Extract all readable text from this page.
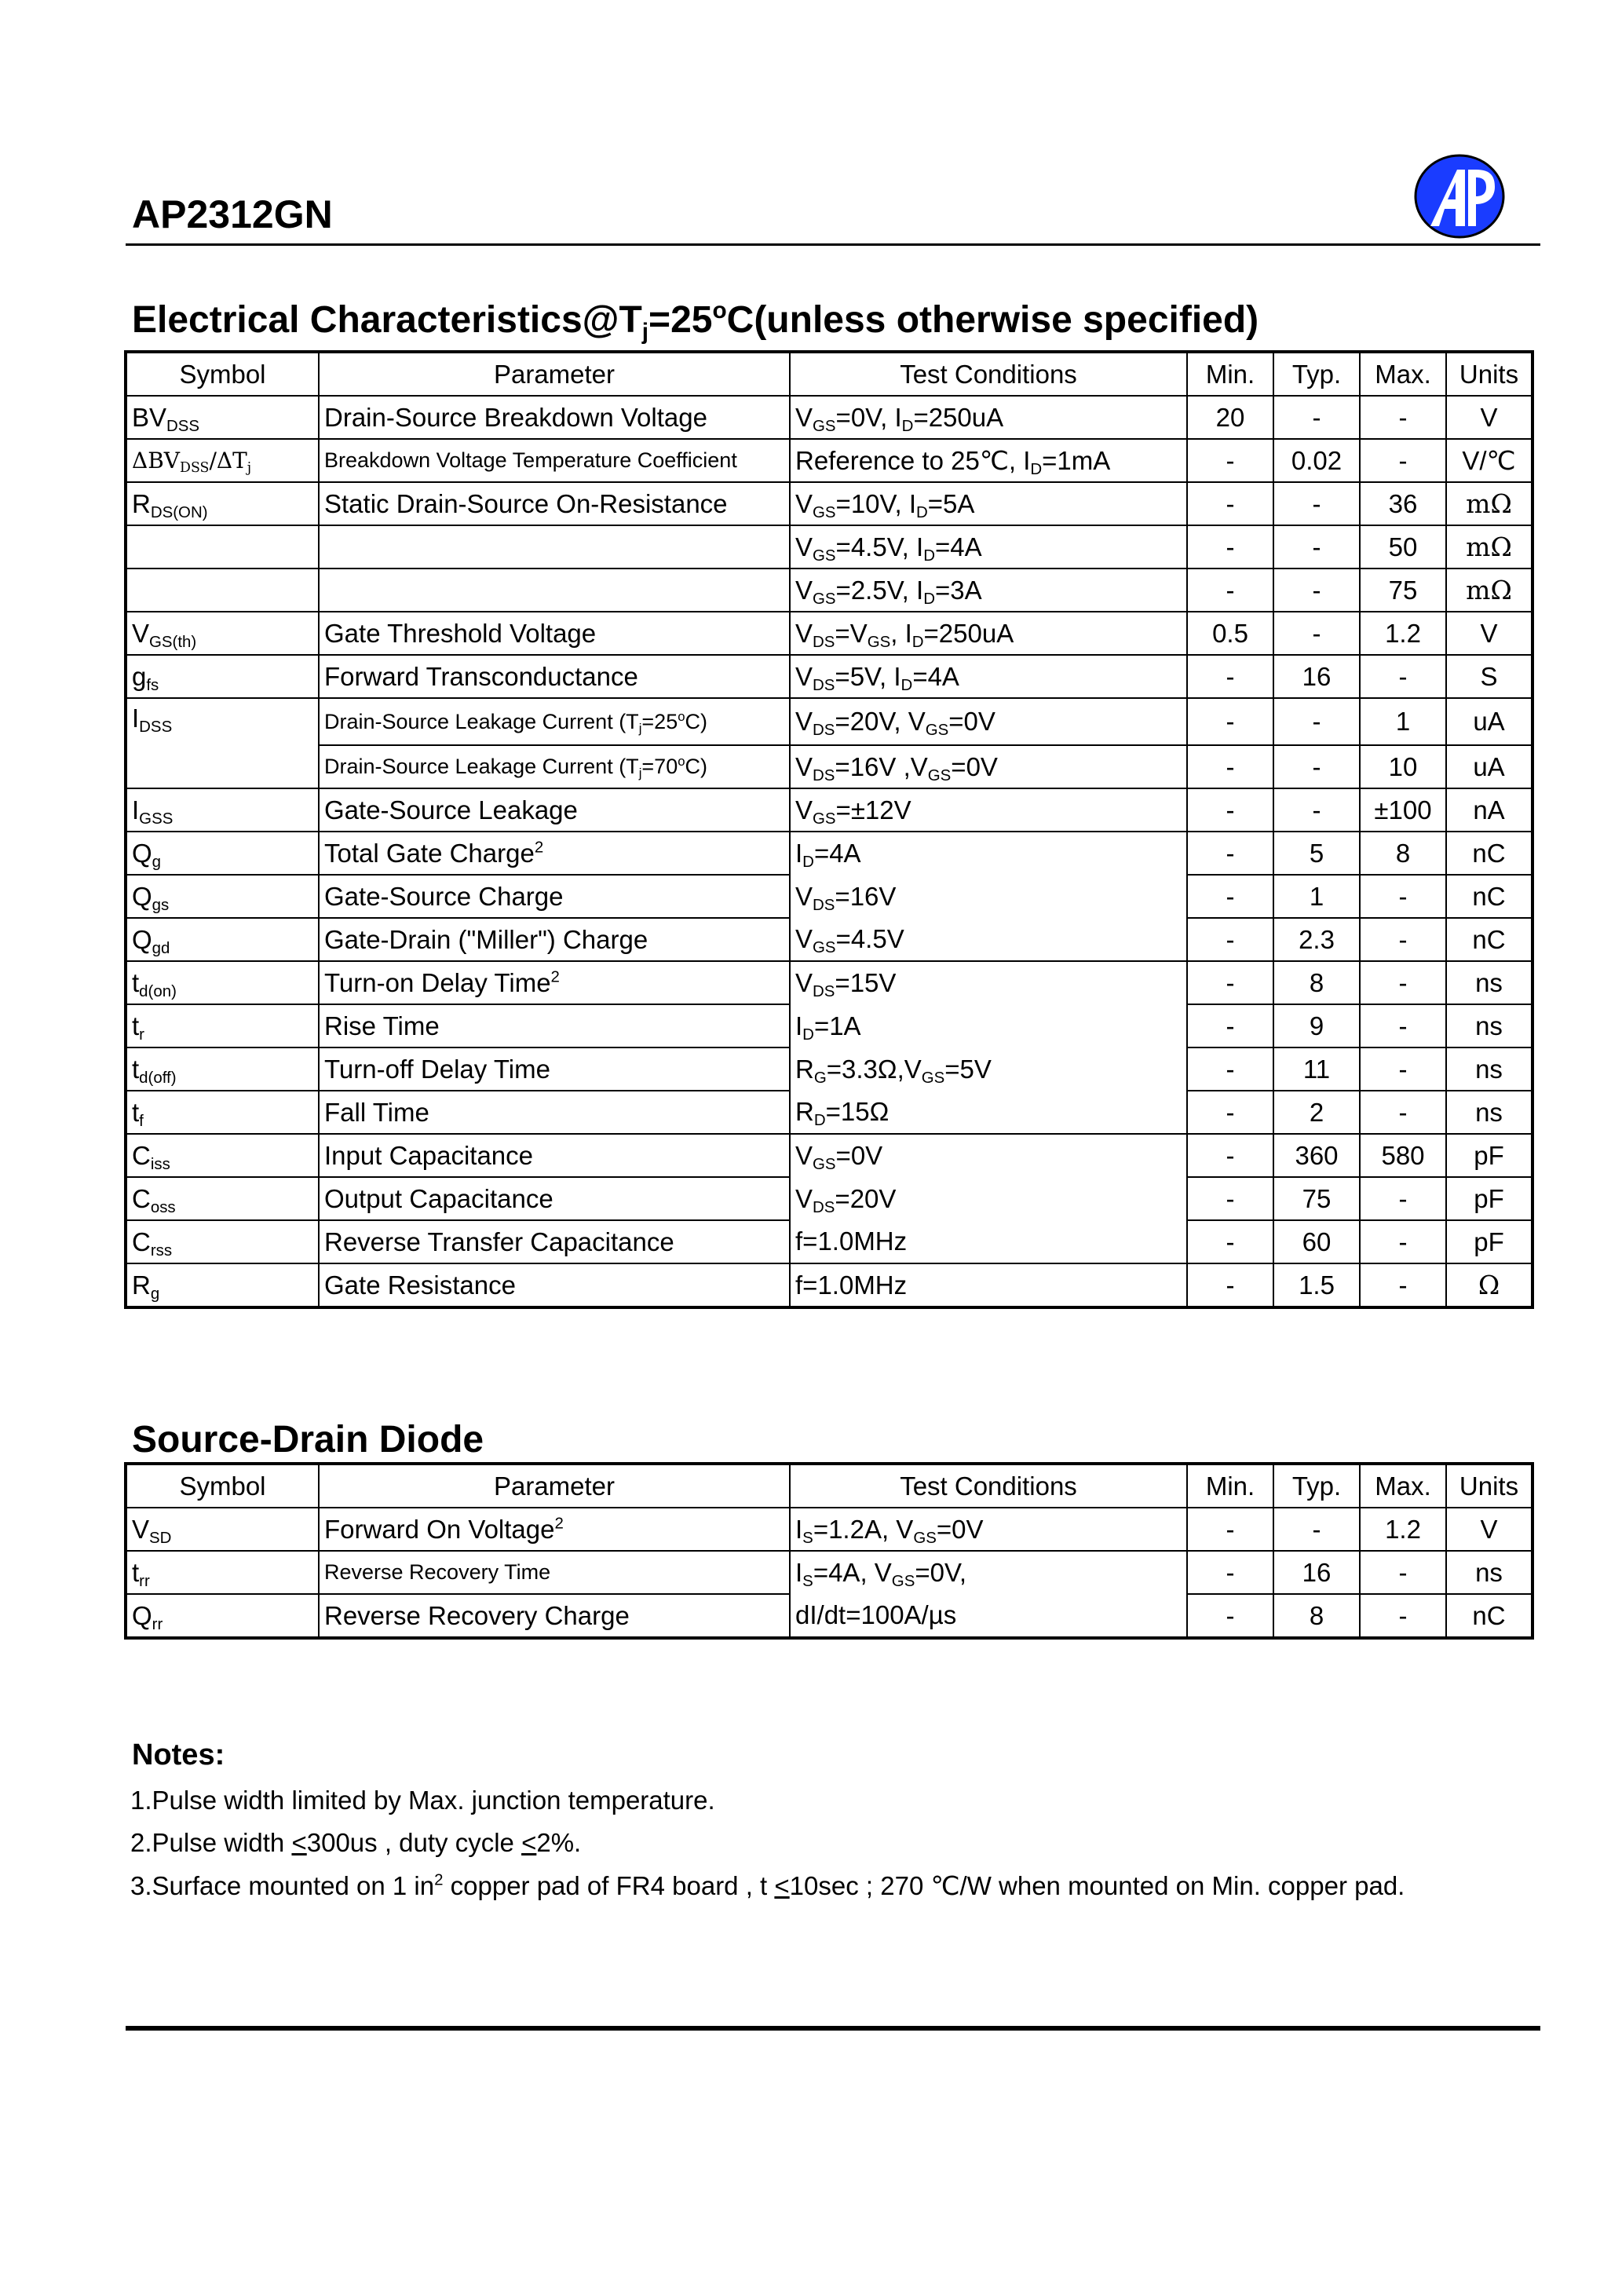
AP2312GN
Electrical $Characteristics@T_j=25^oC(unless$ otherwise specified)
Symbol	Parameter	Test Conditions	Min.	Typ.	Max.	Units
$BV_{DSS}$	Drain-Source Breakdown Voltage	$V_{GS}=0V$, $I_D=250uA$	20	-	-	V
$\Delta BV_{DSS}/\Delta T_j$	Breakdown Voltage Temperature Coefficient	Reference to 25℃, $I_D=1mA$	-	0.02	-	V/℃
$R_{DS(ON)}$	Static Drain-Source On-Resistance	$V_{GS}=10V$, $I_D=5A$	-	-	36	mΩ
		$V_{GS}=4.5V$, $I_D=4A$	-	-	50	mΩ
		$V_{GS}=2.5V$, $I_D=3A$	-	-	75	mΩ
$V_{GS(th)}$	Gate Threshold Voltage	$V_{DS}=V_{GS}$, $I_D=250uA$	0.5	-	1.2	V
$g_{fs}$	Forward Transconductance	$V_{DS}=5V$, $I_D=4A$	-	16	-	S
$I_{DSS}$	Drain-Source Leakage Current $(T_j=25^oC)$	$V_{DS}=20V$, $V_{GS}=0V$	-	-	1	uA
	Drain-Source Leakage Current $(T_j=70^oC)$	$V_{DS}=16V$ $,V_{GS}=0V$	-	-	10	uA
$I_{GSS}$	Gate-Source Leakage	$V_{GS}=\pm 12V$	-	-	±100	nA
$Q_g$	Total Gate Charge$^2$	$I_D=4A$	-	5	8	nC
$Q_{gs}$	Gate-Source Charge	$V_{DS}=16V$	-	1	-	nC
$Q_{gd}$	Gate-Drain ("Miller") Charge	$V_{GS}=4.5V$	-	2.3	-	nC
$t_{d(on)}$	Turn-on Delay Time$^2$	$V_{DS}=15V$	-	8	-	ns
$t_r$	Rise Time	$I_D=1A$	-	9	-	ns
$t_{d(off)}$	Turn-off Delay Time	$R_G=3.3\Omega,V_{GS}=5V$	-	11	-	ns
$t_f$	Fall Time	$R_D=15\Omega$	-	2	-	ns
$C_{iss}$	Input Capacitance	$V_{GS}=0V$	-	360	580	pF
$C_{oss}$	Output Capacitance	$V_{DS}=20V$	-	75	-	pF
$C_{rss}$	Reverse Transfer Capacitance	f=1.0MHz	-	60	-	pF
$R_g$	Gate Resistance	f=1.0MHz	-	1.5	-	Ω
Source-Drain Diode
Symbol	Parameter	Test Conditions	Min.	Typ.	Max.	Units
$V_{SD}$	Forward On Voltage$^2$	$I_S=1.2A$, $V_{GS}=0V$	-	-	1.2	V
$t_{rr}$	Reverse Recovery Time	$I_S=4A$, $V_{GS}=0V$,	-	16	-	ns
$Q_{rr}$	Reverse Recovery Charge	dI/dt=100A/µs	-	8	-	nC
Notes:
1.Pulse width limited by Max. junction temperature.
2.Pulse width <300us , duty cycle <2%.
3.Surface mounted on 1 $in^2$ copper pad of FR4 board , t <10sec ; 270 ℃/W when mounted on Min. copper pad.
